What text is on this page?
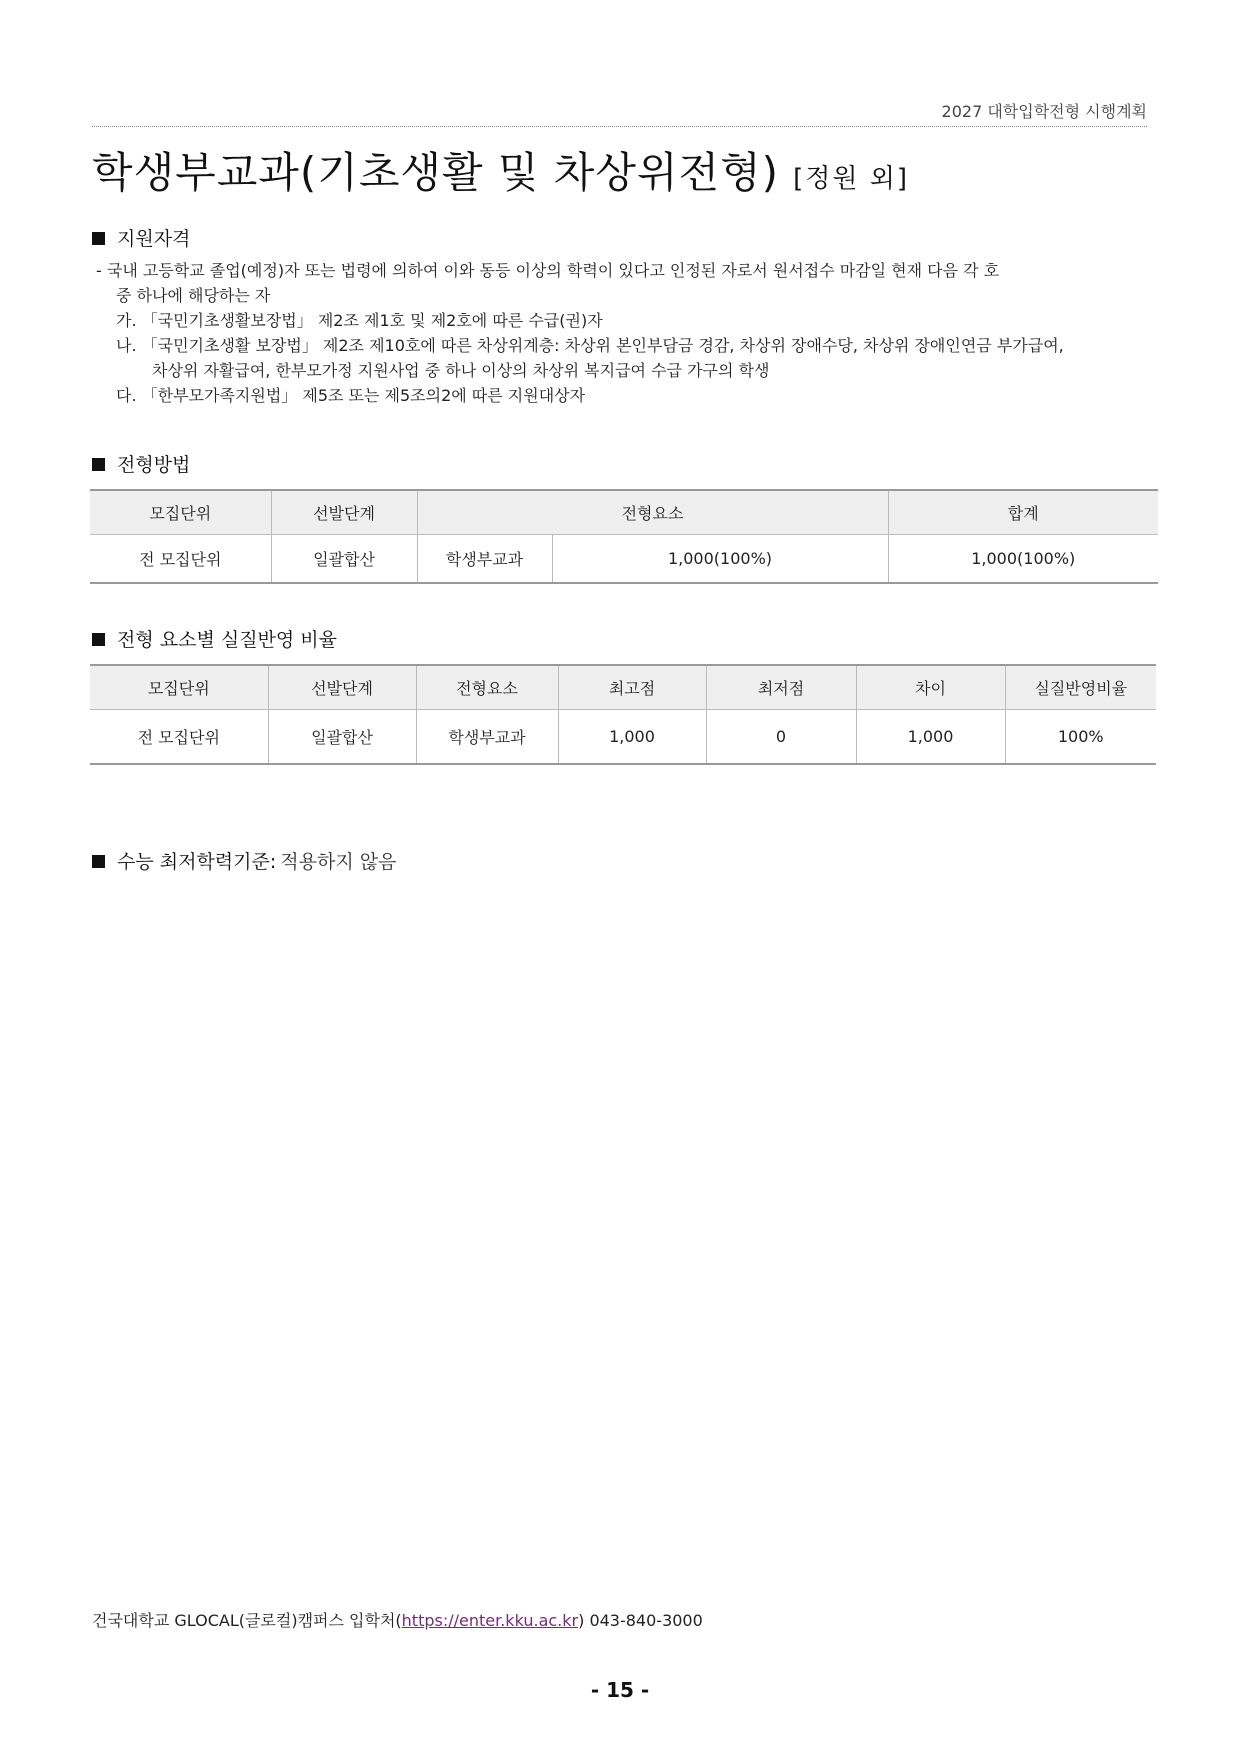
2027 대학입학전형 시행계획
학생부교과(기초생활 및 차상위전형) [정원 외]
지원자격
- 국내 고등학교 졸업(예정)자 또는 법령에 의하여 이와 동등 이상의 학력이 있다고 인정된 자로서 원서접수 마감일 현재 다음 각 호
중 하나에 해당하는 자
가. 「국민기초생활보장법」 제2조 제1호 및 제2호에 따른 수급(권)자
나. 「국민기초생활 보장법」 제2조 제10호에 따른 차상위계층: 차상위 본인부담금 경감, 차상위 장애수당, 차상위 장애인연금 부가급여,
차상위 자활급여, 한부모가정 지원사업 중 하나 이상의 차상위 복지급여 수급 가구의 학생
다. 「한부모가족지원법」 제5조 또는 제5조의2에 따른 지원대상자
전형방법
모집단위	선발단계	전형요소		합계
전 모집단위	일괄합산	학생부교과	1,000(100%)	1,000(100%)
전형 요소별 실질반영 비율
모집단위	선발단계	전형요소	최고점	최저점	차이	실질반영비율
전 모집단위	일괄합산	학생부교과	1,000	0	1,000	100%
수능 최저학력기준: 적용하지 않음
건국대학교 GLOCAL(글로컬)캠퍼스 입학처(https://enter.kku.ac.kr) 043-840-3000
- 15 -
